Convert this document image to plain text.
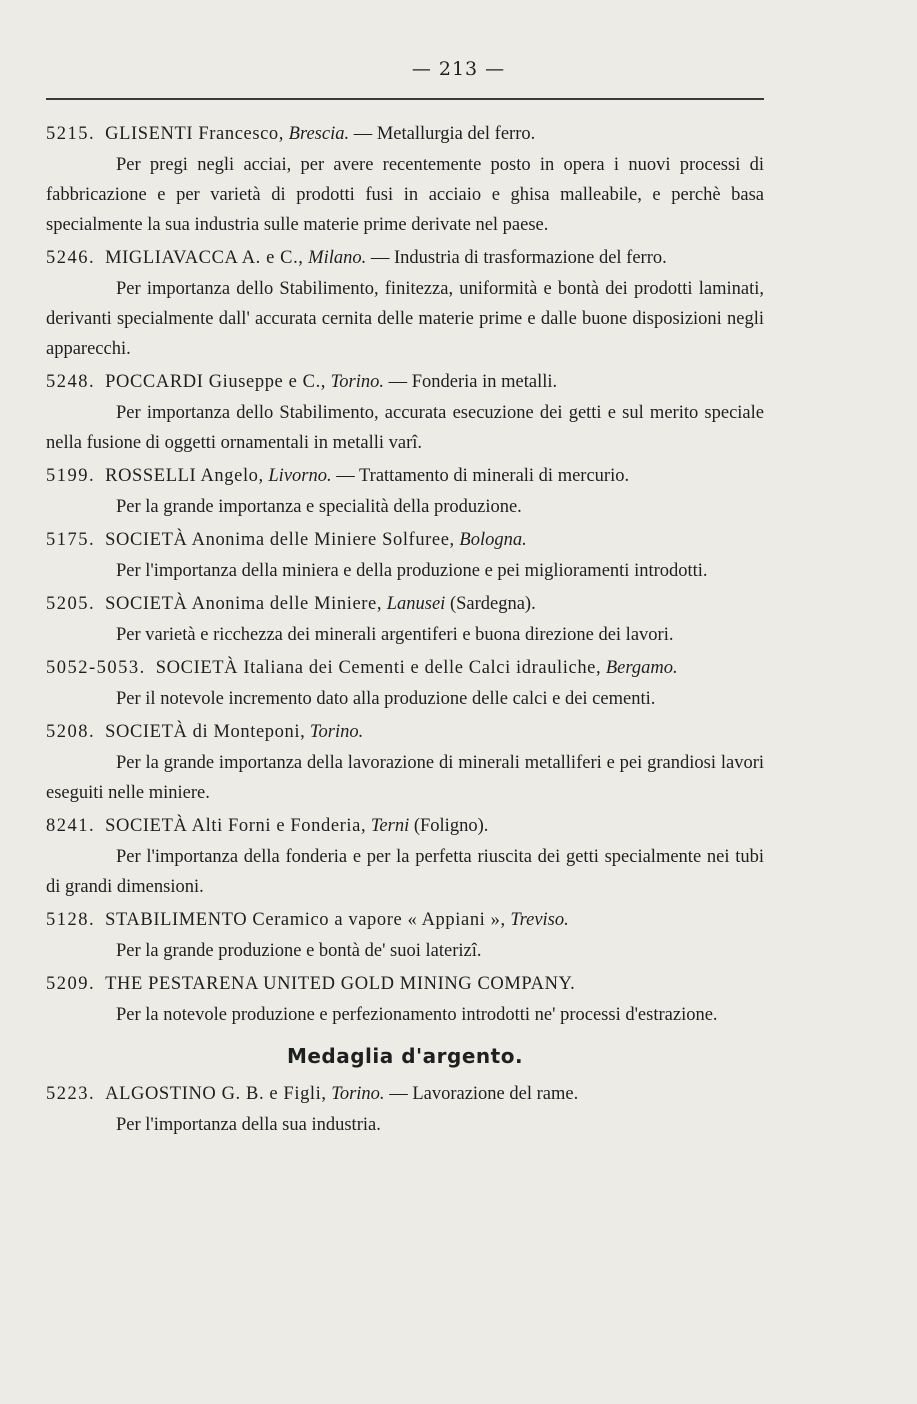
— 213 —
5215. GLISENTI Francesco, Brescia. — Metallurgia del ferro.
Per pregi negli acciai, per avere recentemente posto in opera i nuovi processi di fabbricazione e per varietà di prodotti fusi in acciaio e ghisa malleabile, e perchè basa specialmente la sua industria sulle materie prime derivate nel paese.
5246. MIGLIAVACCA A. e C., Milano. — Industria di trasformazione del ferro.
Per importanza dello Stabilimento, finitezza, uniformità e bontà dei prodotti laminati, derivanti specialmente dall' accurata cernita delle materie prime e dalle buone disposizioni negli apparecchi.
5248. POCCARDI Giuseppe e C., Torino. — Fonderia in metalli.
Per importanza dello Stabilimento, accurata esecuzione dei getti e sul merito speciale nella fusione di oggetti ornamentali in metalli varî.
5199. ROSSELLI Angelo, Livorno. — Trattamento di minerali di mercurio.
Per la grande importanza e specialità della produzione.
5175. SOCIETÀ Anonima delle Miniere Solfuree, Bologna.
Per l'importanza della miniera e della produzione e pei miglioramenti introdotti.
5205. SOCIETÀ Anonima delle Miniere, Lanusei (Sardegna).
Per varietà e ricchezza dei minerali argentiferi e buona direzione dei lavori.
5052-5053. SOCIETÀ Italiana dei Cementi e delle Calci idrauliche, Bergamo.
Per il notevole incremento dato alla produzione delle calci e dei cementi.
5208. SOCIETÀ di Monteponi, Torino.
Per la grande importanza della lavorazione di minerali metalliferi e pei grandiosi lavori eseguiti nelle miniere.
8241. SOCIETÀ Alti Forni e Fonderia, Terni (Foligno).
Per l'importanza della fonderia e per la perfetta riuscita dei getti specialmente nei tubi di grandi dimensioni.
5128. STABILIMENTO Ceramico a vapore « Appiani », Treviso.
Per la grande produzione e bontà de' suoi laterizî.
5209. THE PESTARENA UNITED GOLD MINING COMPANY.
Per la notevole produzione e perfezionamento introdotti ne' processi d'estrazione.
Medaglia d'argento.
5223. ALGOSTINO G. B. e Figli, Torino. — Lavorazione del rame.
Per l'importanza della sua industria.
